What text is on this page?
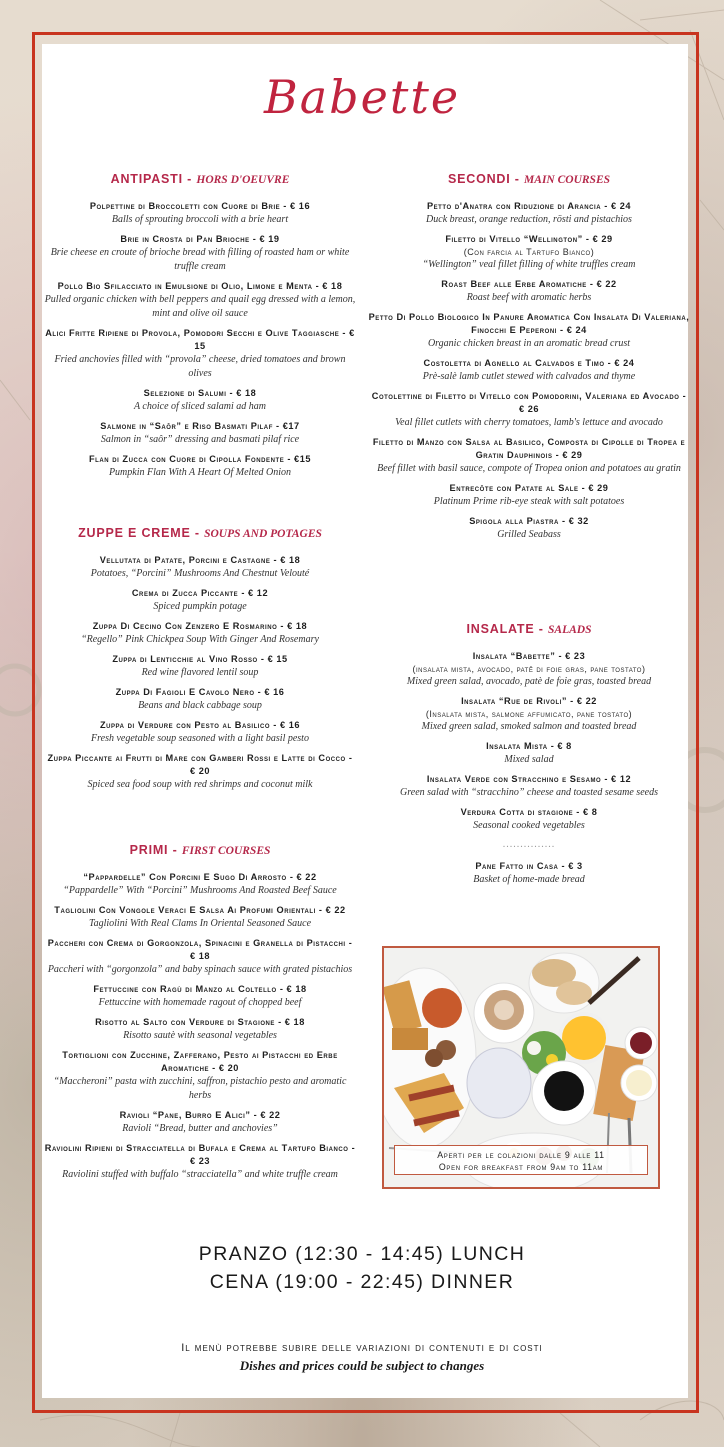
Babette
ANTIPASTI - HORS D'OEUVRE
Polpettine di Broccoletti con Cuore di Brie - € 16
Balls of sprouting broccoli with a brie heart
Brie in Crosta di Pan Brioche - € 19
Brie cheese en croute of brioche bread with filling of roasted ham or white truffle cream
Pollo Bio Sfilacciato in Emulsione di Olio, Limone e Menta - € 18
Pulled organic chicken with bell peppers and quail egg dressed with a lemon, mint and olive oil sauce
Alici Fritte Ripiene di Provola, Pomodori Secchi e Olive Taggiasche - € 15
Fried anchovies filled with “provola” cheese, dried tomatoes and brown olives
Selezione di Salumi - € 18
A choice of sliced salami ad ham
Salmone in “Saôr” e Riso Basmati Pilaf - €17
Salmon in “saôr” dressing and basmati pilaf rice
Flan di Zucca con Cuore di Cipolla Fondente - €15
Pumpkin Flan With A Heart Of Melted Onion
ZUPPE E CREME - SOUPS AND POTAGES
Vellutata di Patate, Porcini e Castagne - € 18
Potatoes, “Porcini” Mushrooms And Chestnut Velouté
Crema di Zucca Piccante - € 12
Spiced pumpkin potage
Zuppa Di Cecino Con Zenzero E Rosmarino - € 18
“Regello” Pink Chickpea Soup With Ginger And Rosemary
Zuppa di Lenticchie al Vino Rosso - € 15
Red wine flavored lentil soup
Zuppa Di Fagioli E Cavolo Nero - € 16
Beans and black cabbage soup
Zuppa di Verdure con Pesto al Basilico - € 16
Fresh vegetable soup seasoned with a light basil pesto
Zuppa Piccante ai Frutti di Mare con Gamberi Rossi e Latte di Cocco - € 20
Spiced sea food soup with red shrimps and coconut milk
PRIMI - FIRST COURSES
“Pappardelle” Con Porcini E Sugo Di Arrosto - € 22
“Pappardelle” With “Porcini” Mushrooms And Roasted Beef Sauce
Tagliolini Con Vongole Veraci E Salsa Ai Profumi Orientali - € 22
Tagliolini With Real Clams In Oriental Seasoned Sauce
Paccheri con Crema di Gorgonzola, Spinacini e Granella di Pistacchi - € 18
Paccheri with “gorgonzola” and baby spinach sauce with grated pistachios
Fettuccine con Ragù di Manzo al Coltello - € 18
Fettuccine with homemade ragout of chopped beef
Risotto al Salto con Verdure di Stagione - € 18
Risotto sautè with seasonal vegetables
Tortiglioni con Zucchine, Zafferano, Pesto ai Pistacchi ed Erbe Aromatiche - € 20
“Maccheroni” pasta with zucchini, saffron, pistachio pesto and aromatic herbs
Ravioli “Pane, Burro E Alici” - € 22
Ravioli “Bread, butter and anchovies”
Raviolini Ripieni di Stracciatella di Bufala e Crema al Tartufo Bianco - € 23
Raviolini stuffed with buffalo “stracciatella” and white truffle cream
SECONDI - MAIN COURSES
Petto d'Anatra con Riduzione di Arancia - € 24
Duck breast, orange reduction, rösti and pistachios
Filetto di Vitello “Wellington” - € 29
(Con farcia al Tartufo Bianco)
“Wellington” veal fillet filling of white truffles cream
Roast Beef alle Erbe Aromatiche - € 22
Roast beef with aromatic herbs
Petto Di Pollo Biologico In Panure Aromatica Con Insalata Di Valeriana, Finocchi E Peperoni - € 24
Organic chicken breast in an aromatic bread crust
Costoletta di Agnello al Calvados e Timo - € 24
Prè-salè lamb cutlet stewed with calvados and thyme
Cotolettine di Filetto di Vitello con Pomodorini, Valeriana ed Avocado - € 26
Veal fillet cutlets with cherry tomatoes, lamb's lettuce and avocado
Filetto di Manzo con Salsa al Basilico, Composta di Cipolle di Tropea e Gratin Dauphinois - € 29
Beef fillet with basil sauce, compote of Tropea onion and potatoes au gratin
Entrecôte con Patate al Sale - € 29
Platinum Prime rib-eye steak with salt potatoes
Spigola alla Piastra - € 32
Grilled Seabass
INSALATE - SALADS
Insalata “Babette” - € 23
(insalata mista, avocado, patê di foie gras, pane tostato)
Mixed green salad, avocado, patè de foie gras, toasted bread
Insalata “Rue de Rivoli” - € 22
(Insalata mista, salmone affumicato, pane tostato)
Mixed green salad, smoked salmon and toasted bread
Insalata Mista - € 8
Mixed salad
Insalata Verde con Stracchino e Sesamo - € 12
Green salad with “stracchino” cheese and toasted sesame seeds
Verdura Cotta di stagione - € 8
Seasonal cooked vegetables
...............
Pane Fatto in Casa - € 3
Basket of home-made bread
Aperti per le colazioni dalle 9 alle 11
Open for breakfast from 9am to 11am
PRANZO (12:30 - 14:45) LUNCH
CENA (19:00 - 22:45) DINNER
Il menù potrebbe subire delle variazioni di contenuti e di costi
Dishes and prices could be subject to changes
